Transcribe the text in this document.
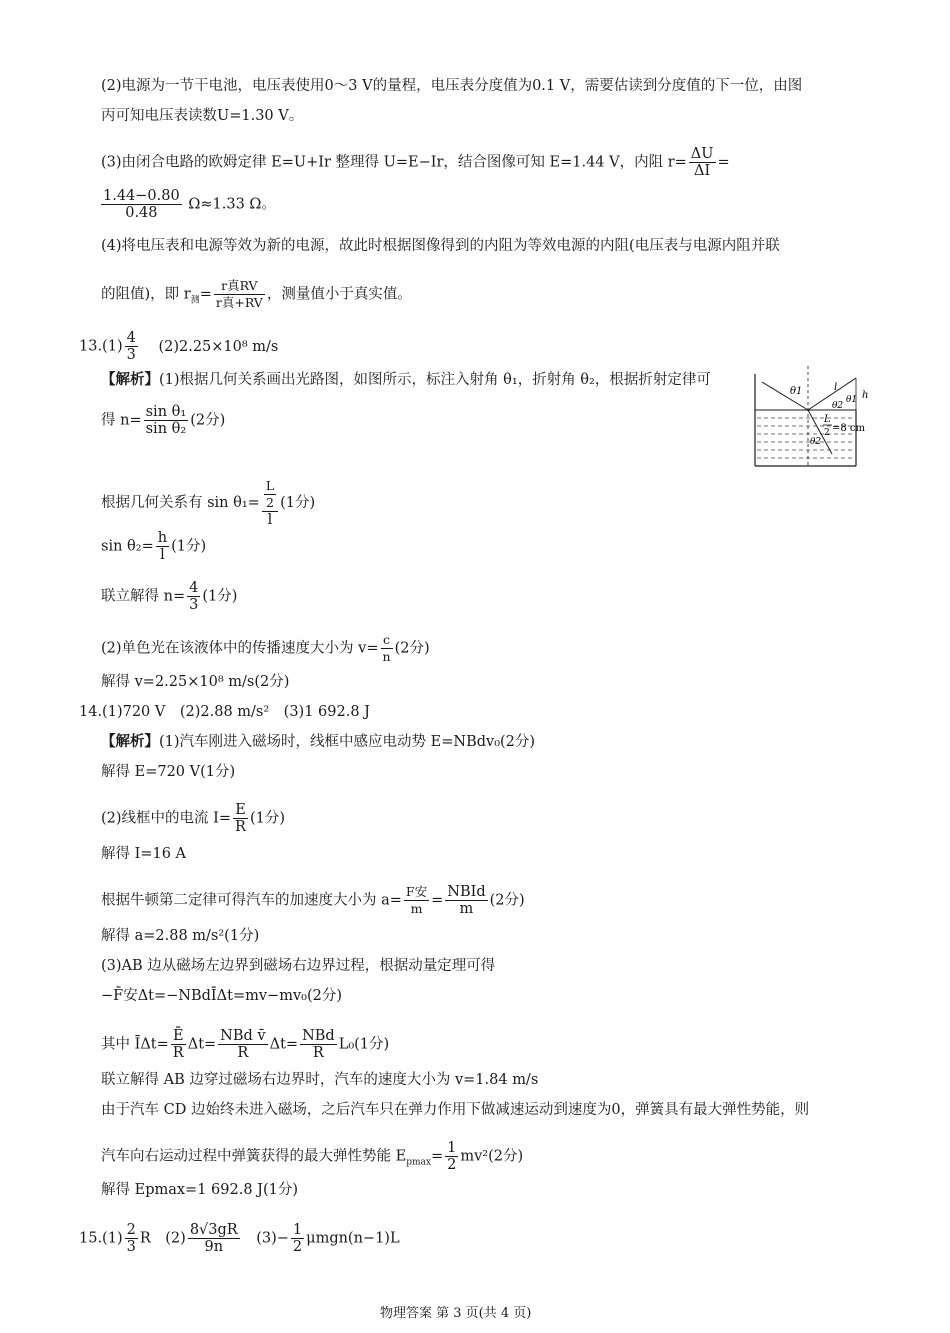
(2)电源为一节干电池，电压表使用0～3 V的量程，电压表分度值为0.1 V，需要估读到分度值的下一位，由图
丙可知电压表读数U=1.30 V。
(3)由闭合电路的欧姆定律 E=U+Ir 整理得 U=E−Ir，结合图像可知 E=1.44 V，内阻 $r= \frac{\Delta U}{\Delta I}$ =
$\frac{1.44-0.80}{0.48} \Omega\approx 1.33$ Ω。
(4)将电压表和电源等效为新的电源，故此时根据图像得到的内阻为等效电源的内阻(电压表与电源内阻并联
的阻值)，即 $r_测=$
r真RV
r真+RV ，测量值小于真实值。
$13.(1) \frac{4}{3} (2)2.25\times 10^8$ m/s
【解析】(1)根据几何关系画出光路图，如图所示，标注入射角 θ₁，折射角 θ₂，根据折射定律可
得 $n= \frac{\text{sin θ₁}}{\text{sin θ₂}} (2$分)
θ1	l
h
θ2
θ1
L
2 =8 cm
θ2
根据几何关系有 $\sin \theta_1= \frac{\frac{L}{2}}{l} (1$分)
$\sin \theta_2= \frac{h}{l} (1$分)
联立解得 $n= \frac{4}{3} (1$分)
(2)单色光在该液体中的传播速度大小为 $v= \frac{c}{n} (2$分)
解得 v=2.25×10⁸ m/s(2分)
14.(1)720 V　(2)2.88 m/s²　(3)1 692.8 J
【解析】(1)汽车刚进入磁场时，线框中感应电动势 E=NBdv₀(2分)
解得 E=720 V(1分)
(2)线框中的电流 $I= \frac{E}{R} (1$分)
解得 I=16 A
根据牛顿第二定律可得汽车的加速度大小为 a=
F安
m =
NBId
m
(2分)
解得 a=2.88 m/s²(1分)
(3)AB 边从磁场左边界到磁场右边界过程，根据动量定理可得
−F̄安Δt=−NBdĪΔt=mv−mv₀(2分)
其中 ĪΔt= $\frac{Ē}{R} \Delta t=$
NBd v̄
R
Δt=
NBd
R
L₀(1分)
联立解得 AB 边穿过磁场右边界时，汽车的速度大小为 v=1.84 m/s
由于汽车 CD 边始终未进入磁场，之后汽车只在弹力作用下做减速运动到速度为0，弹簧具有最大弹性势能，则
汽车向右运动过程中弹簧获得的最大弹性势能 $E_{pmax}= \frac{1}{2} mv^2(2$分)
解得 Epmax=1 692.8 J(1分)
$15.(1) \frac{2}{3}$ R　$(2) \frac{8√3gR}{9n}$ 　$(3)- \frac{1}{2} \mu mgn(n-1)L$
物理答案 第 3 页(共 4 页)
